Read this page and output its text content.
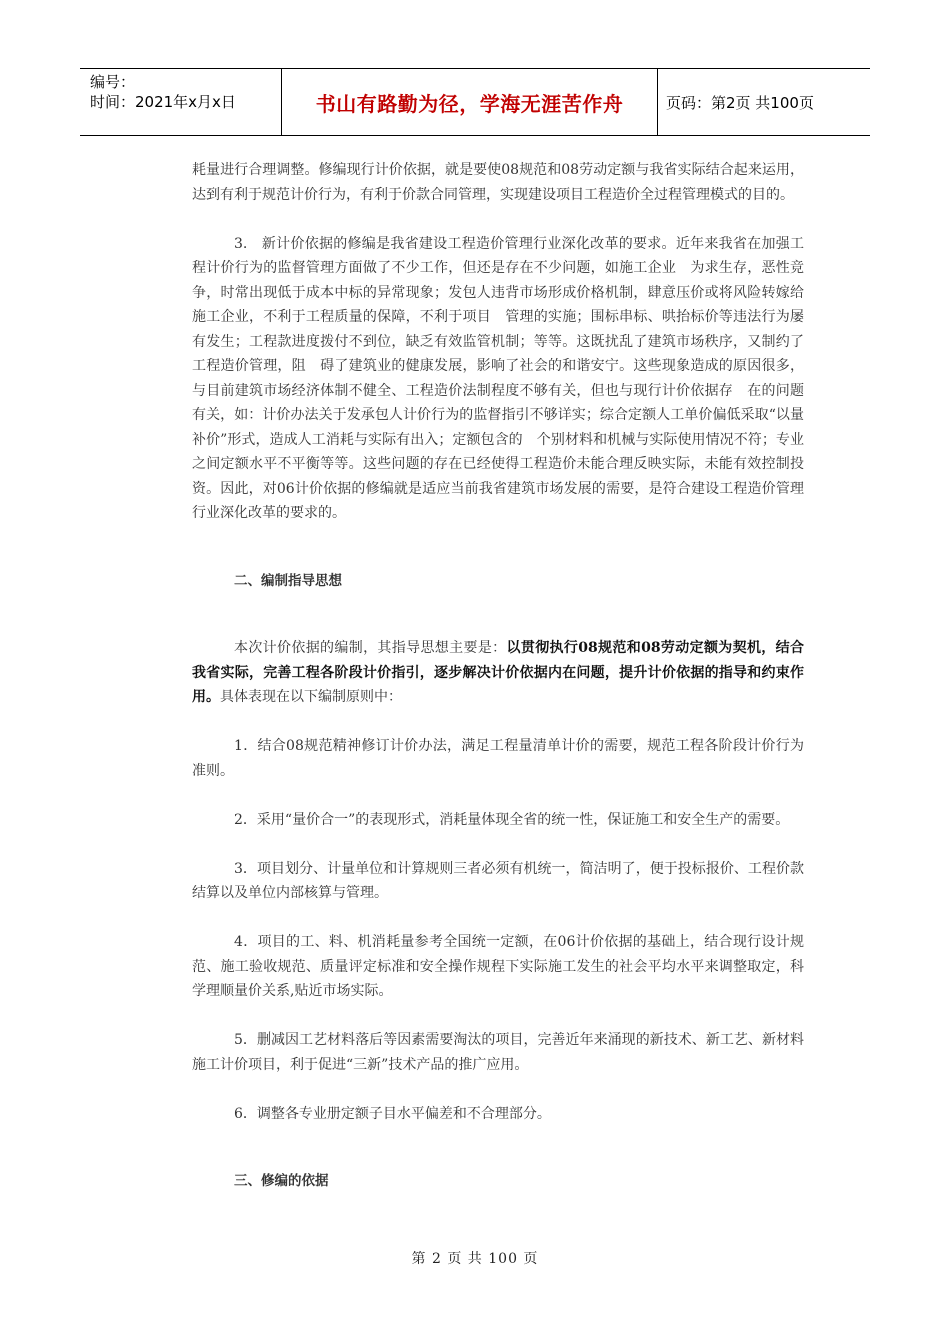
编号：
时间：2021年x月x日	书山有路勤为径，学海无涯苦作舟	页码：第2页 共100页

耗量进行合理调整。修编现行计价依据，就是要使08规范和08劳动定额与我省实际结合起来运用，达到有利于规范计价行为，有利于价款合同管理，实现建设项目工程造价全过程管理模式的目的。

3.　新计价依据的修编是我省建设工程造价管理行业深化改革的要求。近年来我省在加强工程计价行为的监督管理方面做了不少工作，但还是存在不少问题，如施工企业　为求生存，恶性竞争，时常出现低于成本中标的异常现象；发包人违背市场形成价格机制，肆意压价或将风险转嫁给施工企业，不利于工程质量的保障，不利于项目　管理的实施；围标串标、哄抬标价等违法行为屡有发生；工程款进度拨付不到位，缺乏有效监管机制；等等。这既扰乱了建筑市场秩序，又制约了工程造价管理，阻　碍了建筑业的健康发展，影响了社会的和谐安宁。这些现象造成的原因很多，与目前建筑市场经济体制不健全、工程造价法制程度不够有关，但也与现行计价依据存　在的问题有关，如：计价办法关于发承包人计价行为的监督指引不够详实；综合定额人工单价偏低采取“以量补价”形式，造成人工消耗与实际有出入；定额包含的　个别材料和机械与实际使用情况不符；专业之间定额水平不平衡等等。这些问题的存在已经使得工程造价未能合理反映实际，未能有效控制投资。因此，对06计价依据的修编就是适应当前我省建筑市场发展的需要，是符合建设工程造价管理行业深化改革的要求的。

二、编制指导思想

本次计价依据的编制，其指导思想主要是：以贯彻执行08规范和08劳动定额为契机，结合我省实际，完善工程各阶段计价指引，逐步解决计价依据内在问题，提升计价依据的指导和约束作用。具体表现在以下编制原则中：

1．结合08规范精神修订计价办法，满足工程量清单计价的需要，规范工程各阶段计价行为准则。

2．采用“量价合一”的表现形式，消耗量体现全省的统一性，保证施工和安全生产的需要。

3．项目划分、计量单位和计算规则三者必须有机统一，简洁明了，便于投标报价、工程价款结算以及单位内部核算与管理。

4．项目的工、料、机消耗量参考全国统一定额，在06计价依据的基础上，结合现行设计规范、施工验收规范、质量评定标准和安全操作规程下实际施工发生的社会平均水平来调整取定，科学理顺量价关系,贴近市场实际。

5．删减因工艺材料落后等因素需要淘汰的项目，完善近年来涌现的新技术、新工艺、新材料施工计价项目，利于促进“三新”技术产品的推广应用。

6．调整各专业册定额子目水平偏差和不合理部分。

三、修编的依据

第 2 页 共 100 页
